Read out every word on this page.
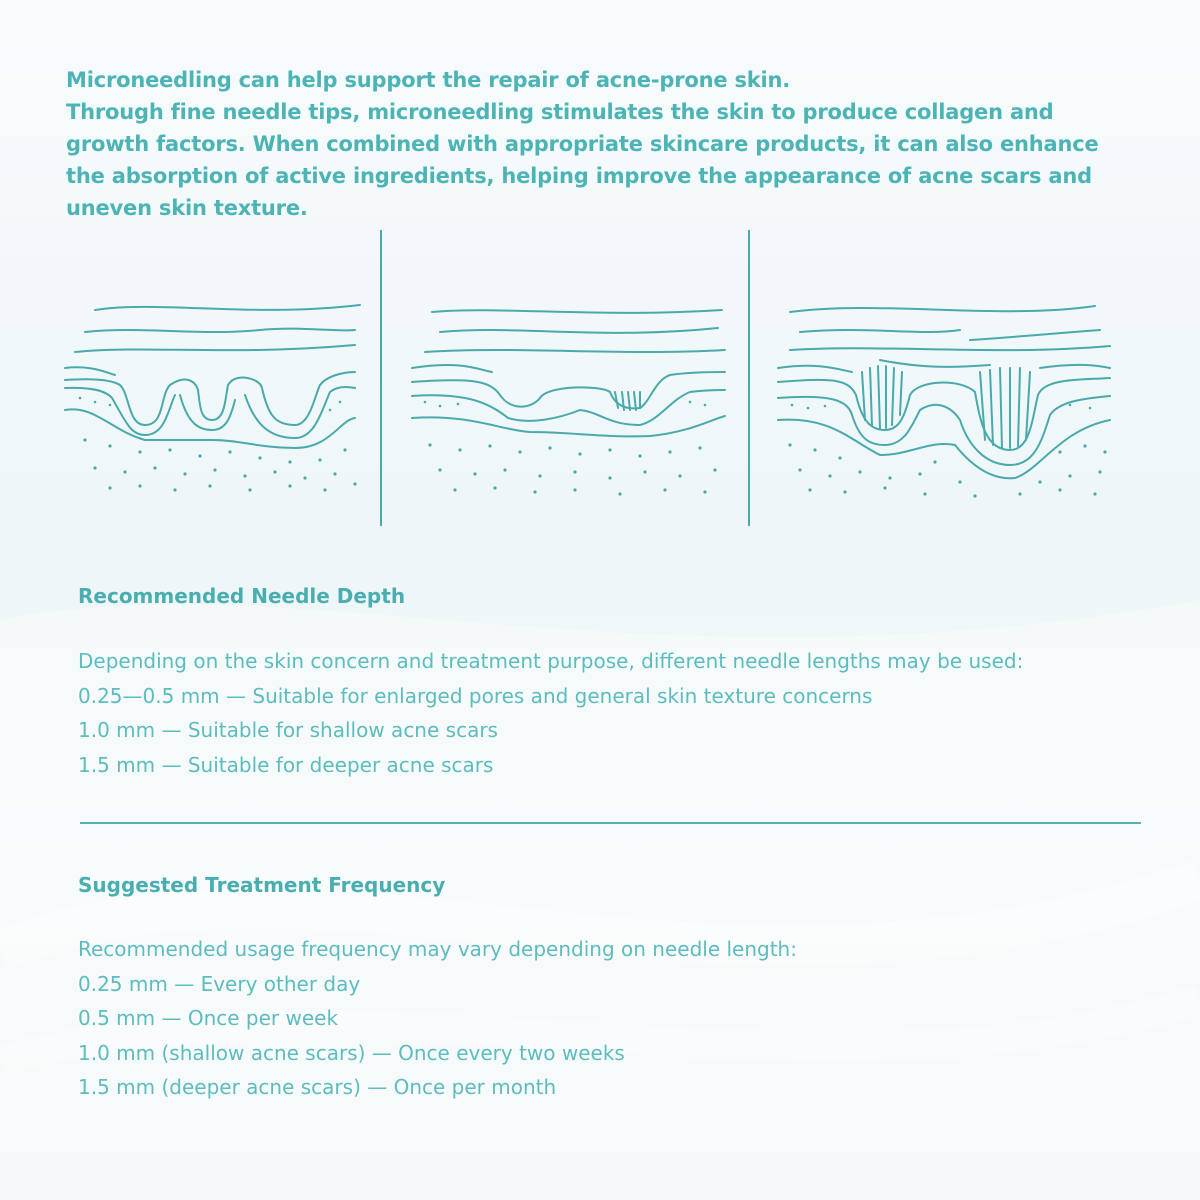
Microneedling can help support the repair of acne-prone skin.
Through fine needle tips, microneedling stimulates the skin to produce collagen and
growth factors. When combined with appropriate skincare products, it can also enhance
the absorption of active ingredients, helping improve the appearance of acne scars and
uneven skin texture.
Recommended Needle Depth
Depending on the skin concern and treatment purpose, different needle lengths may be used:
0.25—0.5 mm — Suitable for enlarged pores and general skin texture concerns
1.0 mm — Suitable for shallow acne scars
1.5 mm — Suitable for deeper acne scars
Suggested Treatment Frequency
Recommended usage frequency may vary depending on needle length:
0.25 mm — Every other day
0.5 mm — Once per week
1.0 mm (shallow acne scars) — Once every two weeks
1.5 mm (deeper acne scars) — Once per month
